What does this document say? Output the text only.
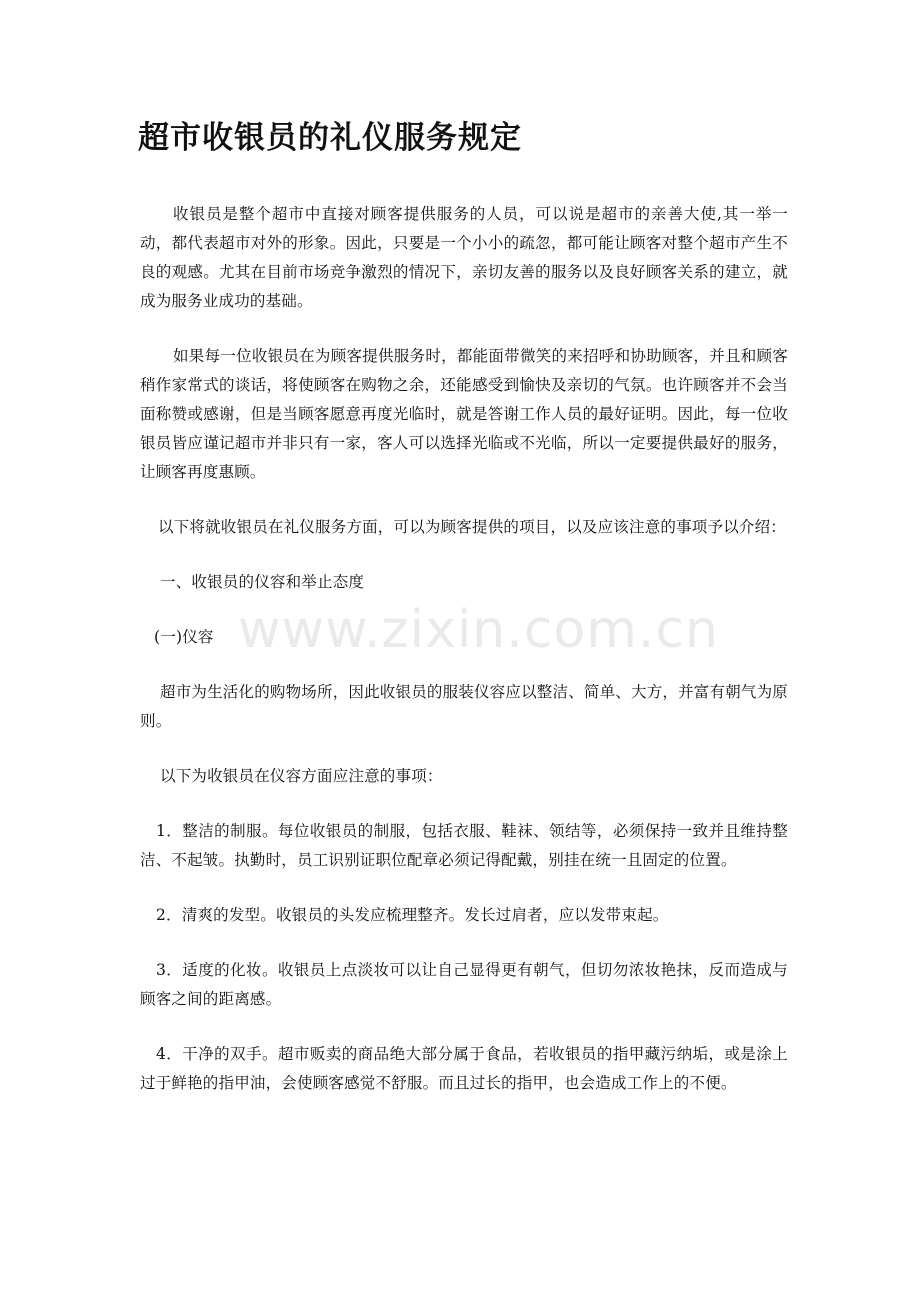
超市收银员的礼仪服务规定

收银员是整个超市中直接对顾客提供服务的人员，可以说是超市的亲善大使,其一举一动，都代表超市对外的形象。因此，只要是一个小小的疏忽，都可能让顾客对整个超市产生不良的观感。尤其在目前市场竞争激烈的情况下，亲切友善的服务以及良好顾客关系的建立，就成为服务业成功的基础。

如果每一位收银员在为顾客提供服务时，都能面带微笑的来招呼和协助顾客，并且和顾客稍作家常式的谈话，将使顾客在购物之余，还能感受到愉快及亲切的气氛。也许顾客并不会当面称赞或感谢，但是当顾客愿意再度光临时，就是答谢工作人员的最好证明。因此，每一位收银员皆应谨记超市并非只有一家，客人可以选择光临或不光临，所以一定要提供最好的服务，让顾客再度惠顾。

以下将就收银员在礼仪服务方面，可以为顾客提供的项目，以及应该注意的事项予以介绍：

一、收银员的仪容和举止态度

(一)仪容

超市为生活化的购物场所，因此收银员的服装仪容应以整洁、简单、大方，并富有朝气为原则。

以下为收银员在仪容方面应注意的事项：

1．整洁的制服。每位收银员的制服，包括衣服、鞋袜、领结等，必须保持一致并且维持整洁、不起皱。执勤时，员工识别证职位配章必须记得配戴，别挂在统一且固定的位置。

2．清爽的发型。收银员的头发应梳理整齐。发长过肩者，应以发带束起。

3．适度的化妆。收银员上点淡妆可以让自己显得更有朝气，但切勿浓妆艳抹，反而造成与顾客之间的距离感。

4．干净的双手。超市贩卖的商品绝大部分属于食品，若收银员的指甲藏污纳垢，或是涂上过于鲜艳的指甲油，会使顾客感觉不舒服。而且过长的指甲，也会造成工作上的不便。

www.zixin.com.cn
